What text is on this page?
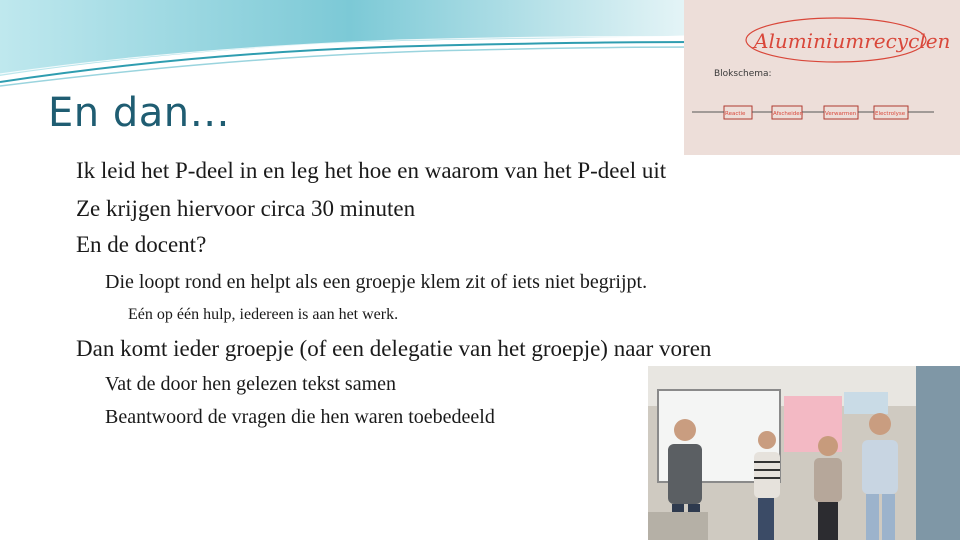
En dan…
Aluminiumrecyclen
Blokschema:
Reactie	Afscheiden	Verwarmen	Electrolyse
Ik leid het P-deel in en leg het hoe en waarom van het P-deel uit
Ze krijgen hiervoor circa 30 minuten
En de docent?
Die loopt rond en helpt als een groepje klem zit of iets niet begrijpt.
Eén op één hulp, iedereen is aan het werk.
Dan komt ieder groepje (of een delegatie van het groepje) naar voren
Vat de door hen gelezen tekst samen
Beantwoord de vragen die hen waren toebedeeld
